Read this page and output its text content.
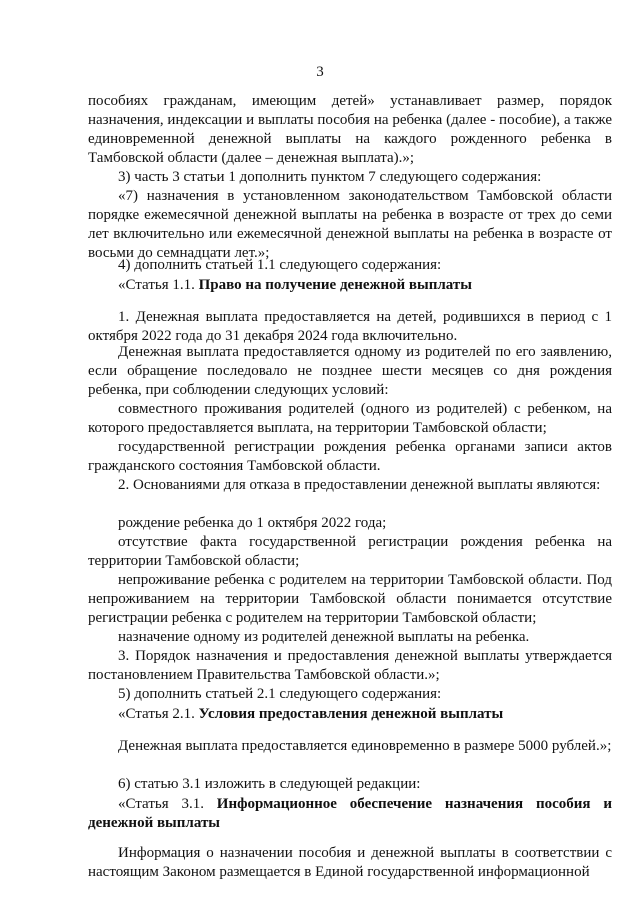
3

пособиях гражданам, имеющим детей» устанавливает размер, порядок назначения, индексации и выплаты пособия на ребенка (далее - пособие), а также единовременной денежной выплаты на каждого рожденного ребенка в Тамбовской области (далее – денежная выплата).»;

3) часть 3 статьи 1 дополнить пунктом 7 следующего содержания:

«7) назначения в установленном законодательством Тамбовской области порядке ежемесячной денежной выплаты на ребенка в возрасте от трех до семи лет включительно или ежемесячной денежной выплаты на ребенка в возрасте от восьми до семнадцати лет.»;

4) дополнить статьей 1.1 следующего содержания:

«Статья 1.1. Право на получение денежной выплаты

1. Денежная выплата предоставляется на детей, родившихся в период с 1 октября 2022 года до 31 декабря 2024 года включительно.

Денежная выплата предоставляется одному из родителей по его заявлению, если обращение последовало не позднее шести месяцев со дня рождения ребенка, при соблюдении следующих условий:

совместного проживания родителей (одного из родителей) с ребенком, на которого предоставляется выплата, на территории Тамбовской области;

государственной регистрации рождения ребенка органами записи актов гражданского состояния Тамбовской области.

2. Основаниями для отказа в предоставлении денежной выплаты являются:

рождение ребенка до 1 октября 2022 года;

отсутствие факта государственной регистрации рождения ребенка на территории Тамбовской области;

непроживание ребенка с родителем на территории Тамбовской области. Под непроживанием на территории Тамбовской области понимается отсутствие регистрации ребенка с родителем на территории Тамбовской области;

назначение одному из родителей денежной выплаты на ребенка.

3. Порядок назначения и предоставления денежной выплаты утверждается постановлением Правительства Тамбовской области.»;

5) дополнить статьей 2.1 следующего содержания:

«Статья 2.1. Условия предоставления денежной выплаты

Денежная выплата предоставляется единовременно в размере 5000 рублей.»;

6) статью 3.1 изложить в следующей редакции:

«Статья 3.1. Информационное обеспечение назначения пособия и денежной выплаты

Информация о назначении пособия и денежной выплаты в соответствии с настоящим Законом размещается в Единой государственной информационной
